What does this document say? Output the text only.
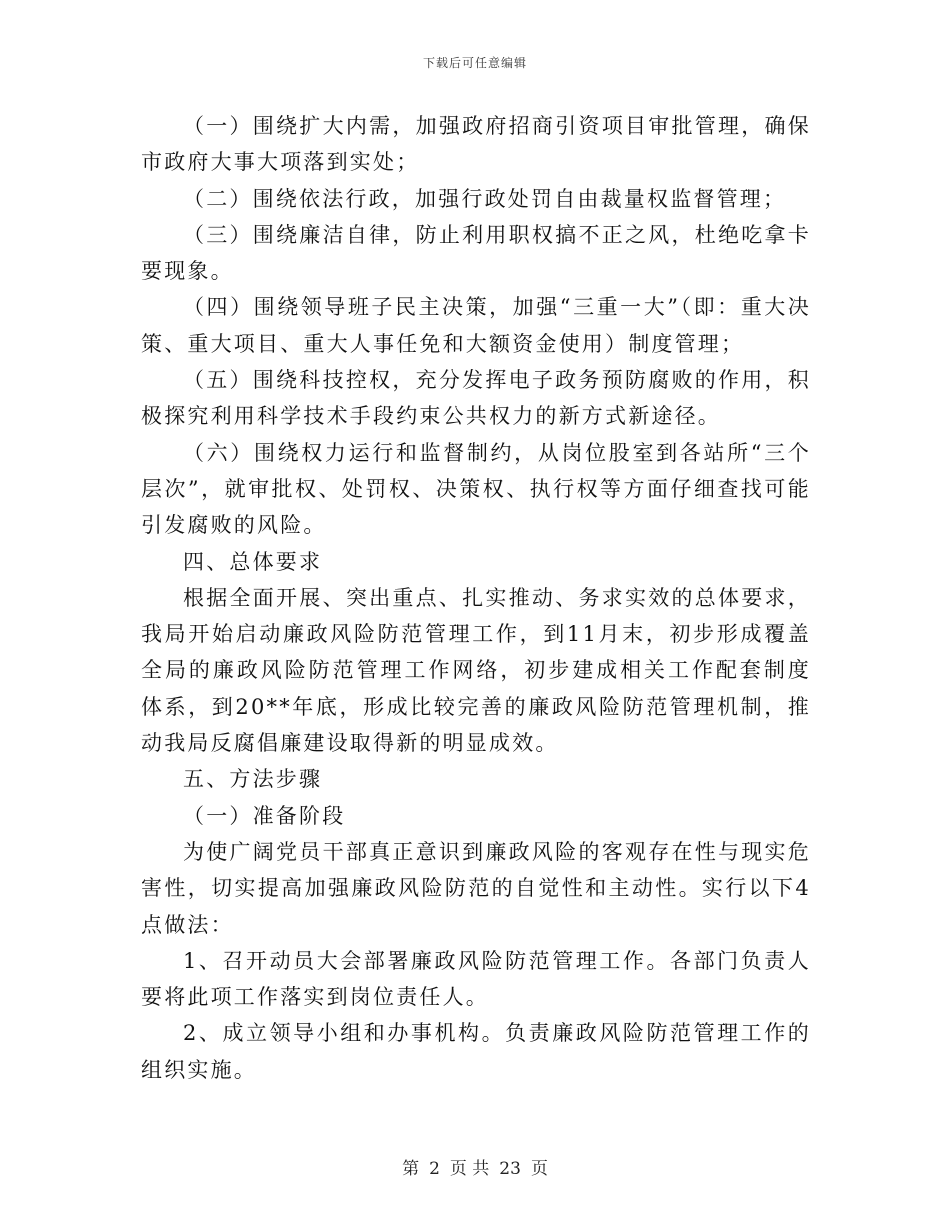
下载后可任意编辑

（一）围绕扩大内需，加强政府招商引资项目审批管理，确保市政府大事大项落到实处；

（二）围绕依法行政，加强行政处罚自由裁量权监督管理；

（三）围绕廉洁自律，防止利用职权搞不正之风，杜绝吃拿卡要现象。

（四）围绕领导班子民主决策，加强“三重一大”（即：重大决策、重大项目、重大人事任免和大额资金使用）制度管理；

（五）围绕科技控权，充分发挥电子政务预防腐败的作用，积极探究利用科学技术手段约束公共权力的新方式新途径。

（六）围绕权力运行和监督制约，从岗位股室到各站所“三个层次”，就审批权、处罚权、决策权、执行权等方面仔细查找可能引发腐败的风险。

四、总体要求

根据全面开展、突出重点、扎实推动、务求实效的总体要求，我局开始启动廉政风险防范管理工作，到11月末，初步形成覆盖全局的廉政风险防范管理工作网络，初步建成相关工作配套制度体系，到20**年底，形成比较完善的廉政风险防范管理机制，推动我局反腐倡廉建设取得新的明显成效。

五、方法步骤

（一）准备阶段

为使广阔党员干部真正意识到廉政风险的客观存在性与现实危害性，切实提高加强廉政风险防范的自觉性和主动性。实行以下4点做法：

1、召开动员大会部署廉政风险防范管理工作。各部门负责人要将此项工作落实到岗位责任人。

2、成立领导小组和办事机构。负责廉政风险防范管理工作的组织实施。

第 2 页 共 23 页
